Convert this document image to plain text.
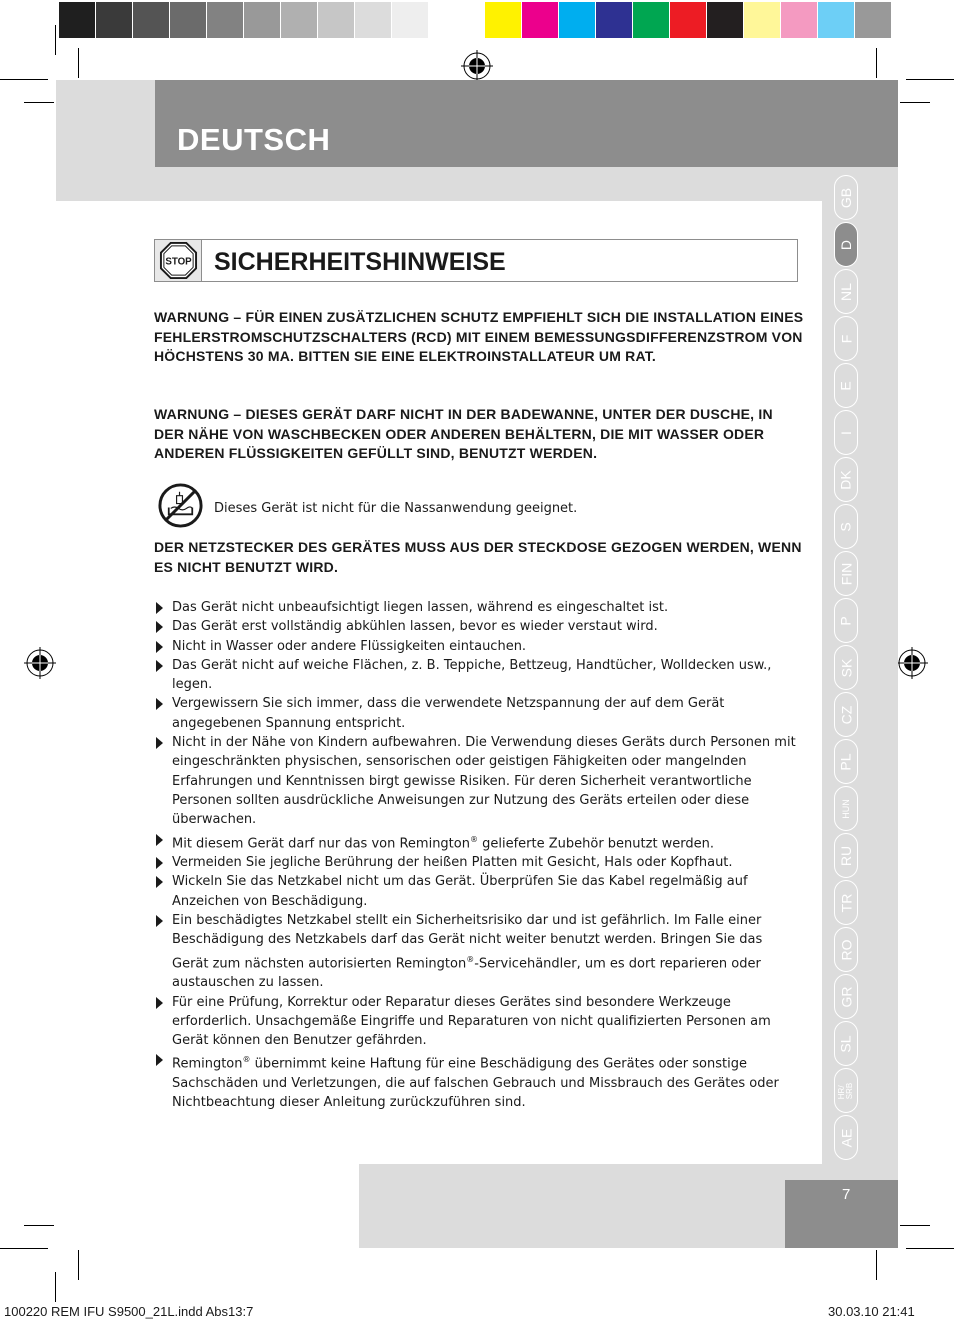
DEUTSCH
GB
D
NL
F
E
I
DK
S
FIN
P
SK
CZ
PL
HUN
RU
TR
RO
GR
SL
HR/
SRB
AE
7
STOP SICHERHEITSHINWEISE
WARNUNG – FÜR EINEN ZUSÄTZLICHEN SCHUTZ EMPFIEHLT SICH DIE INSTALLATION EINES FEHLERSTROMSCHUTZSCHALTERS (RCD) MIT EINEM BEMESSUNGSDIFFERENZSTROM VON HÖCHSTENS 30 MA. BITTEN SIE EINE ELEKTROINSTALLATEUR UM RAT.
WARNUNG – DIESES GERÄT DARF NICHT IN DER BADEWANNE, UNTER DER DUSCHE, IN DER NÄHE VON WASCHBECKEN ODER ANDEREN BEHÄLTERN, DIE MIT WASSER ODER ANDEREN FLÜSSIGKEITEN GEFÜLLT SIND, BENUTZT WERDEN.
Dieses Gerät ist nicht für die Nassanwendung geeignet.
DER NETZSTECKER DES GERÄTES MUSS AUS DER STECKDOSE GEZOGEN WERDEN, WENN ES NICHT BENUTZT WIRD.
Das Gerät nicht unbeaufsichtigt liegen lassen, während es eingeschaltet ist.
Das Gerät erst vollständig abkühlen lassen, bevor es wieder verstaut wird.
Nicht in Wasser oder andere Flüssigkeiten eintauchen.
Das Gerät nicht auf weiche Flächen, z. B. Teppiche, Bettzeug, Handtücher, Wolldecken usw., legen.
Vergewissern Sie sich immer, dass die verwendete Netzspannung der auf dem Gerät angegebenen Spannung entspricht.
Nicht in der Nähe von Kindern aufbewahren. Die Verwendung dieses Geräts durch Personen mit eingeschränkten physischen, sensorischen oder geistigen Fähigkeiten oder mangelnden Erfahrungen und Kenntnissen birgt gewisse Risiken. Für deren Sicherheit verantwortliche Personen sollten ausdrückliche Anweisungen zur Nutzung des Geräts erteilen oder diese überwachen.
Mit diesem Gerät darf nur das von Remington® gelieferte Zubehör benutzt werden.
Vermeiden Sie jegliche Berührung der heißen Platten mit Gesicht, Hals oder Kopfhaut.
Wickeln Sie das Netzkabel nicht um das Gerät. Überprüfen Sie das Kabel regelmäßig auf Anzeichen von Beschädigung.
Ein beschädigtes Netzkabel stellt ein Sicherheitsrisiko dar und ist gefährlich. Im Falle einer Beschädigung des Netzkabels darf das Gerät nicht weiter benutzt werden. Bringen Sie das Gerät zum nächsten autorisierten Remington®-Servicehändler, um es dort reparieren oder austauschen zu lassen.
Für eine Prüfung, Korrektur oder Reparatur dieses Gerätes sind besondere Werkzeuge erforderlich. Unsachgemäße Eingriffe und Reparaturen von nicht qualifizierten Personen am Gerät können den Benutzer gefährden.
Remington® übernimmt keine Haftung für eine Beschädigung des Gerätes oder sonstige Sachschäden und Verletzungen, die auf falschen Gebrauch und Missbrauch des Gerätes oder Nichtbeachtung dieser Anleitung zurückzuführen sind.
100220 REM IFU S9500_21L.indd Abs13:7	30.03.10 21:41
